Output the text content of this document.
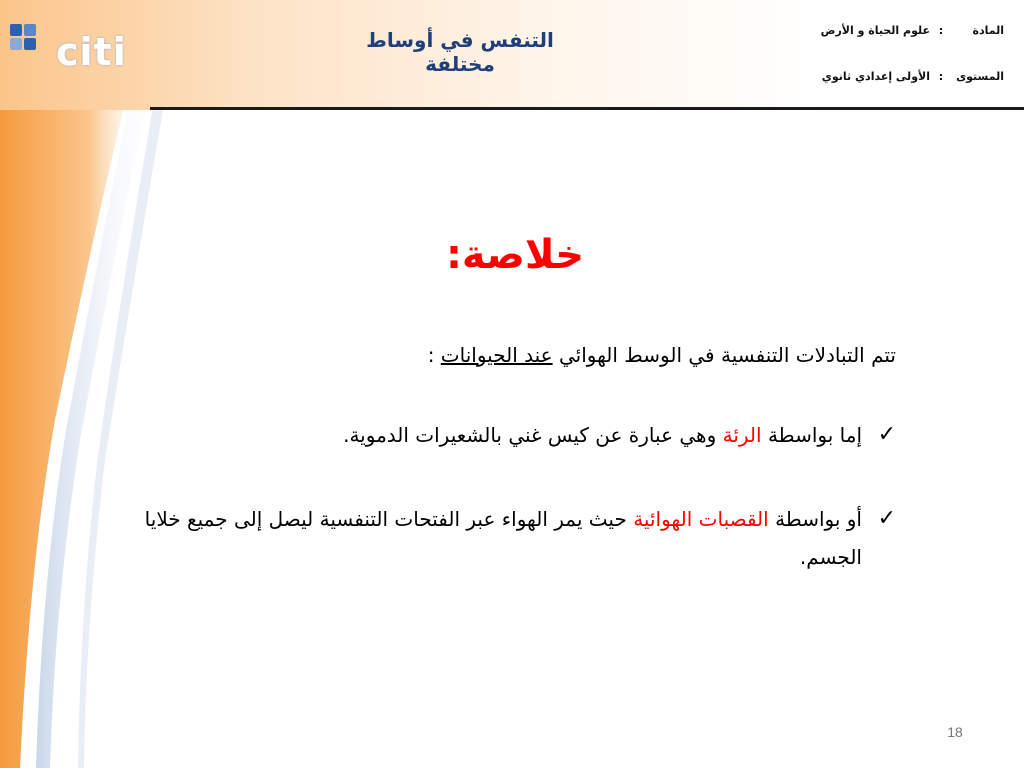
citi	التنفس في أوساط مختلفة
المادة
:
علوم الحياة و الأرض
المستوى
:
الأولى إعدادي ثانوي
خلاصة:
تتم التبادلات التنفسية في الوسط الهوائي عند الحيوانات :
✓
إما بواسطة الرئة وهي عبارة عن كيس غني بالشعيرات الدموية.
✓
أو بواسطة القصبات الهوائية حيث يمر الهواء عبر الفتحات التنفسية ليصل إلى جميع خلايا الجسم.
18
